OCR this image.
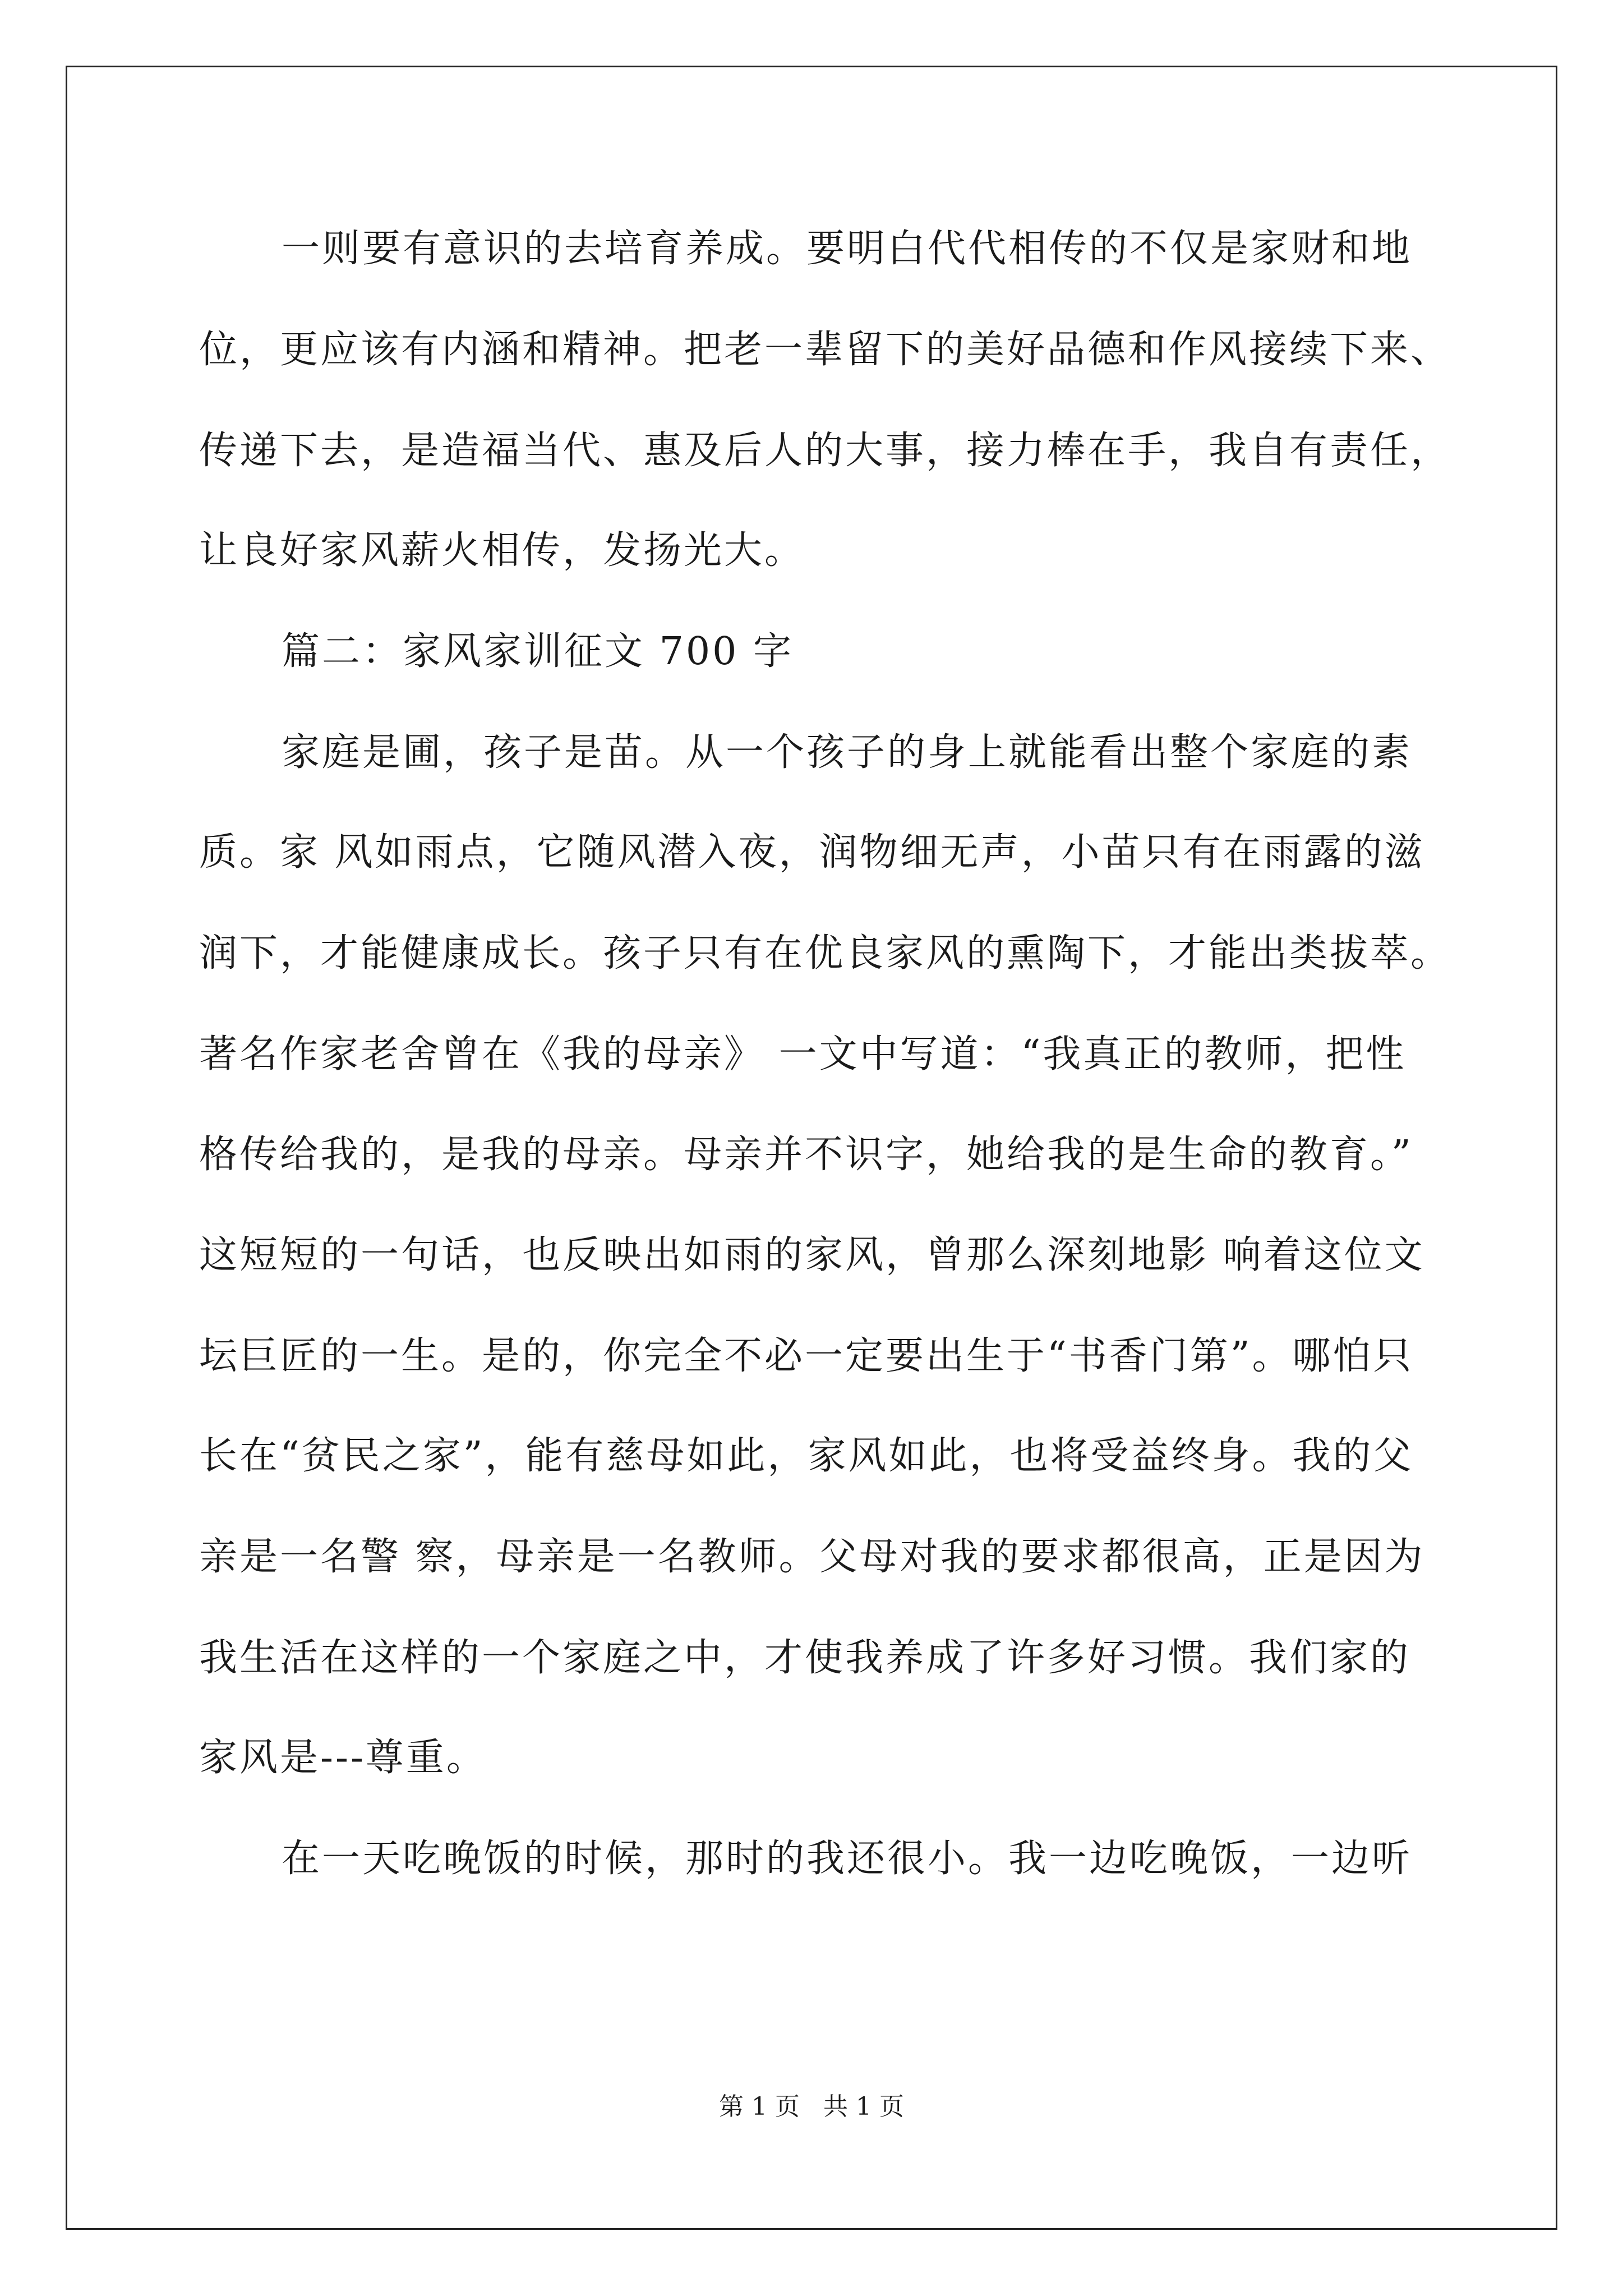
一则要有意识的去培育养成。要明白代代相传的不仅是家财和地
位，更应该有内涵和精神。把老一辈留下的美好品德和作风接续下来、
传递下去，是造福当代、惠及后人的大事，接力棒在手，我自有责任，
让良好家风薪火相传，发扬光大。
篇二：家风家训征文 700 字
家庭是圃，孩子是苗。从一个孩子的身上就能看出整个家庭的素
质。家 风如雨点，它随风潜入夜，润物细无声，小苗只有在雨露的滋
润下，才能健康成长。孩子只有在优良家风的熏陶下，才能出类拔萃。
著名作家老舍曾在《我的母亲》 一文中写道：“我真正的教师，把性
格传给我的，是我的母亲。母亲并不识字，她给我的是生命的教育。”
这短短的一句话，也反映出如雨的家风，曾那么深刻地影 响着这位文
坛巨匠的一生。是的，你完全不必一定要出生于“书香门第”。哪怕只
长在“贫民之家”，能有慈母如此，家风如此，也将受益终身。我的父
亲是一名警 察，母亲是一名教师。父母对我的要求都很高，正是因为
我生活在这样的一个家庭之中，才使我养成了许多好习惯。我们家的
家风是---尊重。
在一天吃晚饭的时候，那时的我还很小。我一边吃晚饭，一边听
第 1 页   共 1 页
